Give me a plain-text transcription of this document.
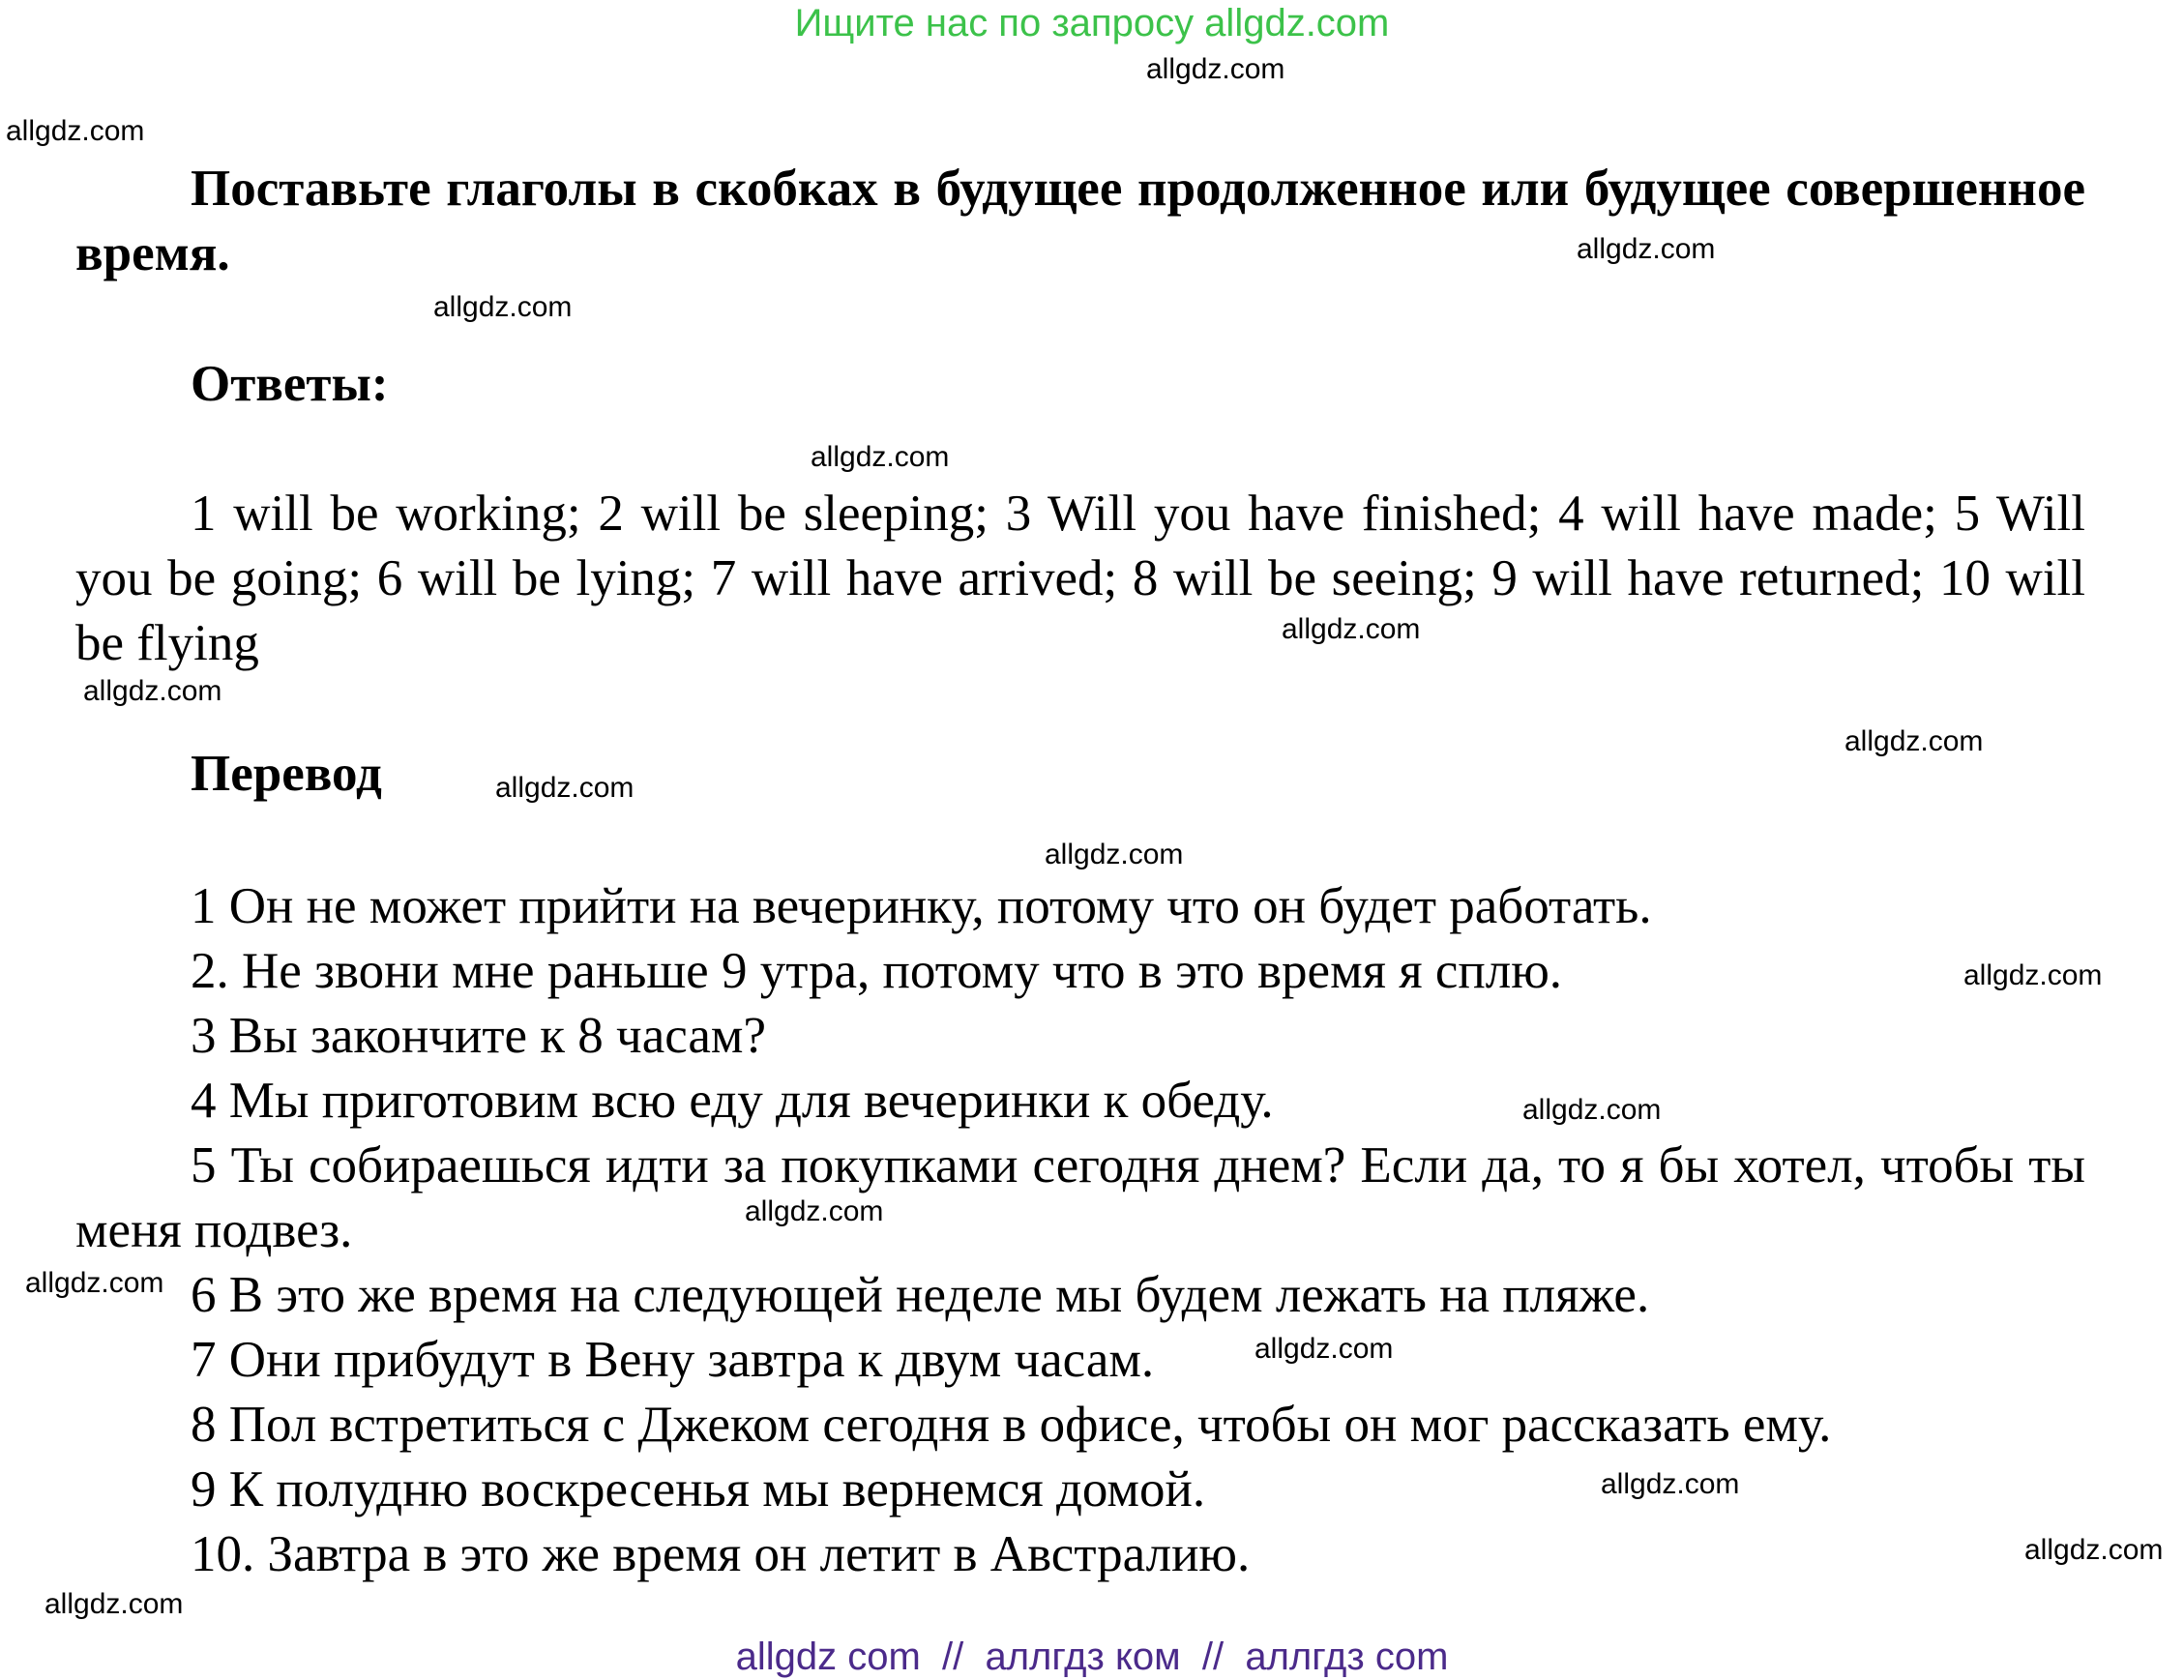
Ищите нас по запросу allgdz.com
allgdz.com
allgdz.com
allgdz.com
allgdz.com
allgdz.com
allgdz.com
allgdz.com
allgdz.com
allgdz.com
allgdz.com
allgdz.com
allgdz.com
allgdz.com
allgdz.com
allgdz.com
allgdz.com
allgdz.com
allgdz.com
Поставьте глаголы в скобках в будущее продолженное или будущее совершенное время.
Ответы:
1 will be working; 2 will be sleeping; 3 Will you have finished; 4 will have made; 5 Will you be going; 6 will be lying; 7 will have arrived; 8 will be seeing; 9 will have returned; 10 will be flying
Перевод
1 Он не может прийти на вечеринку, потому что он будет работать.
2. Не звони мне раньше 9 утра, потому что в это время я сплю.
3 Вы закончите к 8 часам?
4 Мы приготовим всю еду для вечеринки к обеду.
5 Ты собираешься идти за покупками сегодня днем? Если да, то я бы хотел, чтобы ты меня подвез.
6 В это же время на следующей неделе мы будем лежать на пляже.
7 Они прибудут в Вену завтра к двум часам.
8 Пол встретиться с Джеком сегодня в офисе, чтобы он мог рассказать ему.
9 К полудню воскресенья мы вернемся домой.
10. Завтра в это же время он летит в Австралию.
allgdz com  //  аллгдз ком  //  аллгдз com
